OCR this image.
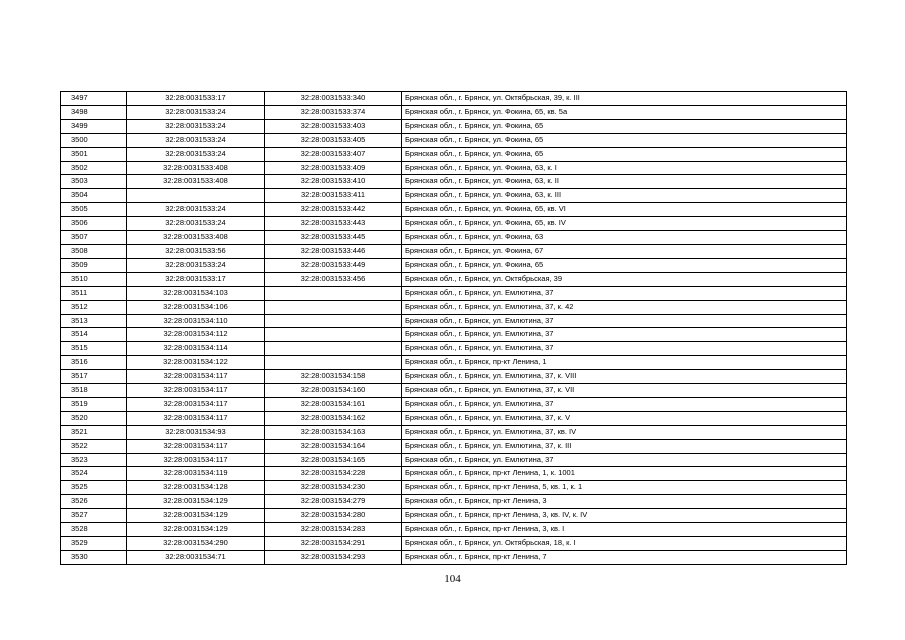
3497	32:28:0031533:17	32:28:0031533:340	Брянская обл., г. Брянск, ул. Октябрьская, 39, к. III
3498	32:28:0031533:24	32:28:0031533:374	Брянская обл., г. Брянск, ул. Фокина, 65, кв. 5а
3499	32:28:0031533:24	32:28:0031533:403	Брянская обл., г. Брянск, ул. Фокина, 65
3500	32:28:0031533:24	32:28:0031533:405	Брянская обл., г. Брянск, ул. Фокина, 65
3501	32:28:0031533:24	32:28:0031533:407	Брянская обл., г. Брянск, ул. Фокина, 65
3502	32:28:0031533:408	32:28:0031533:409	Брянская обл., г. Брянск, ул. Фокина, 63, к. I
3503	32:28:0031533:408	32:28:0031533:410	Брянская обл., г. Брянск, ул. Фокина, 63, к. II
3504		32:28:0031533:411	Брянская обл., г. Брянск, ул. Фокина, 63, к. III
3505	32:28:0031533:24	32:28:0031533:442	Брянская обл., г. Брянск, ул. Фокина, 65, кв. VI
3506	32:28:0031533:24	32:28:0031533:443	Брянская обл., г. Брянск, ул. Фокина, 65, кв. IV
3507	32:28:0031533:408	32:28:0031533:445	Брянская обл., г. Брянск, ул. Фокина, 63
3508	32:28:0031533:56	32:28:0031533:446	Брянская обл., г. Брянск, ул. Фокина, 67
3509	32:28:0031533:24	32:28:0031533:449	Брянская обл., г. Брянск, ул. Фокина, 65
3510	32:28:0031533:17	32:28:0031533:456	Брянская обл., г. Брянск, ул. Октябрьская, 39
3511	32:28:0031534:103		Брянская обл., г. Брянск, ул. Емлютина, 37
3512	32:28:0031534:106		Брянская обл., г. Брянск, ул. Емлютина, 37, к. 42
3513	32:28:0031534:110		Брянская обл., г. Брянск, ул. Емлютина, 37
3514	32:28:0031534:112		Брянская обл., г. Брянск, ул. Емлютина, 37
3515	32:28:0031534:114		Брянская обл., г. Брянск, ул. Емлютина, 37
3516	32:28:0031534:122		Брянская обл., г. Брянск, пр-кт Ленина, 1
3517	32:28:0031534:117	32:28:0031534:158	Брянская обл., г. Брянск, ул. Емлютина, 37, к. VIII
3518	32:28:0031534:117	32:28:0031534:160	Брянская обл., г. Брянск, ул. Емлютина, 37, к. VII
3519	32:28:0031534:117	32:28:0031534:161	Брянская обл., г. Брянск, ул. Емлютина, 37
3520	32:28:0031534:117	32:28:0031534:162	Брянская обл., г. Брянск, ул. Емлютина, 37, к. V
3521	32:28:0031534:93	32:28:0031534:163	Брянская обл., г. Брянск, ул. Емлютина, 37, кв. IV
3522	32:28:0031534:117	32:28:0031534:164	Брянская обл., г. Брянск, ул. Емлютина, 37, к. III
3523	32:28:0031534:117	32:28:0031534:165	Брянская обл., г. Брянск, ул. Емлютина, 37
3524	32:28:0031534:119	32:28:0031534:228	Брянская обл., г. Брянск, пр-кт Ленина, 1, к. 1001
3525	32:28:0031534:128	32:28:0031534:230	Брянская обл., г. Брянск, пр-кт Ленина, 5, кв. 1, к. 1
3526	32:28:0031534:129	32:28:0031534:279	Брянская обл., г. Брянск, пр-кт Ленина, 3
3527	32:28:0031534:129	32:28:0031534:280	Брянская обл., г. Брянск, пр-кт Ленина, 3, кв. IV, к. IV
3528	32:28:0031534:129	32:28:0031534:283	Брянская обл., г. Брянск, пр-кт Ленина, 3, кв. I
3529	32:28:0031534:290	32:28:0031534:291	Брянская обл., г. Брянск, ул. Октябрьская, 18, к. I
3530	32:28:0031534:71	32:28:0031534:293	Брянская обл., г. Брянск, пр-кт Ленина, 7
104
